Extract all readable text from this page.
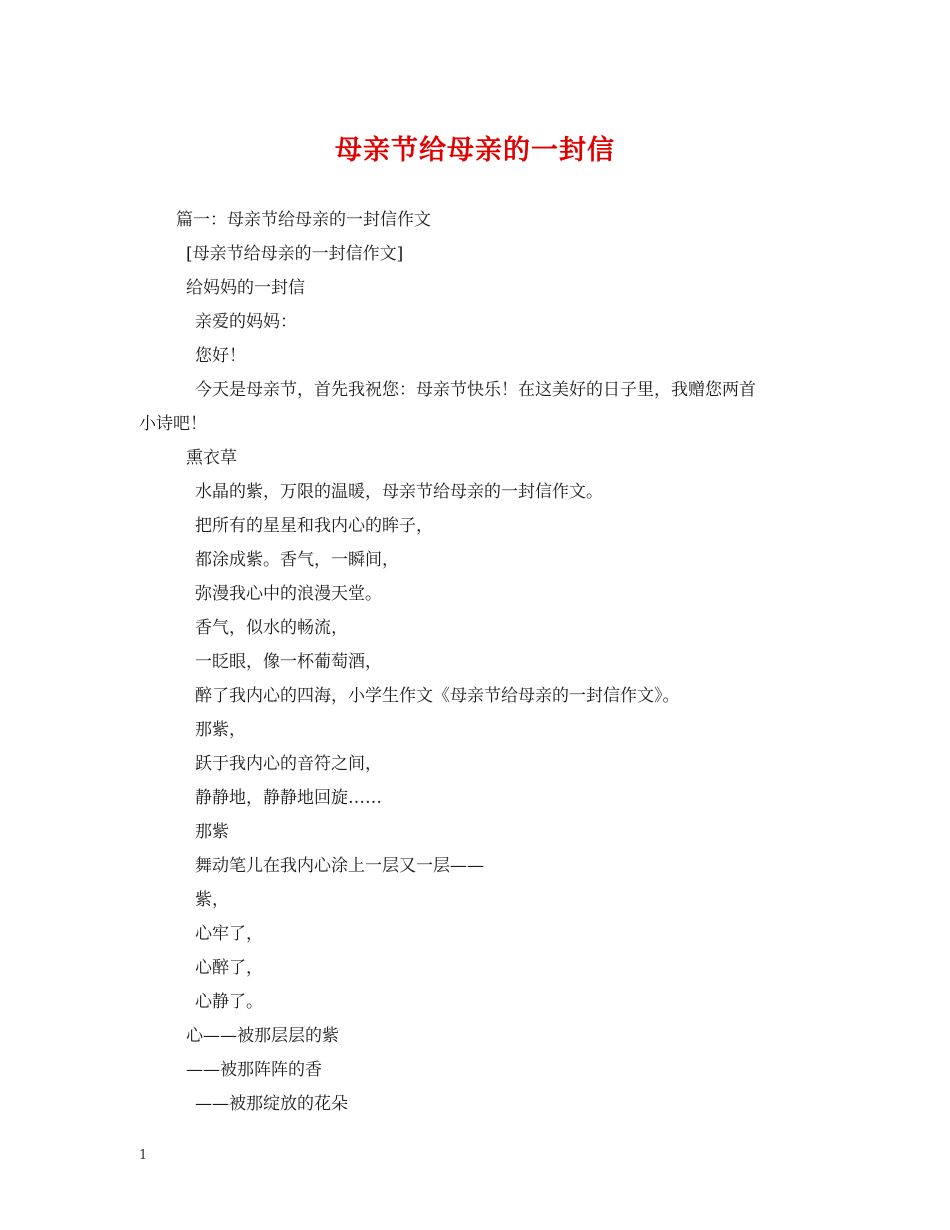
母亲节给母亲的一封信
篇一：母亲节给母亲的一封信作文
[母亲节给母亲的一封信作文]
给妈妈的一封信
亲爱的妈妈：
您好！
今天是母亲节，首先我祝您：母亲节快乐！在这美好的日子里，我赠您两首
小诗吧！
熏衣草
水晶的紫，万限的温暖，母亲节给母亲的一封信作文。
把所有的星星和我内心的眸子，
都涂成紫。香气，一瞬间，
弥漫我心中的浪漫天堂。
香气，似水的畅流，
一眨眼，像一杯葡萄酒，
醉了我内心的四海，小学生作文《母亲节给母亲的一封信作文》。
那紫，
跃于我内心的音符之间，
静静地，静静地回旋……
那紫
舞动笔儿在我内心涂上一层又一层——
紫，
心牢了，
心醉了，
心静了。
心——被那层层的紫
——被那阵阵的香
——被那绽放的花朵
1
